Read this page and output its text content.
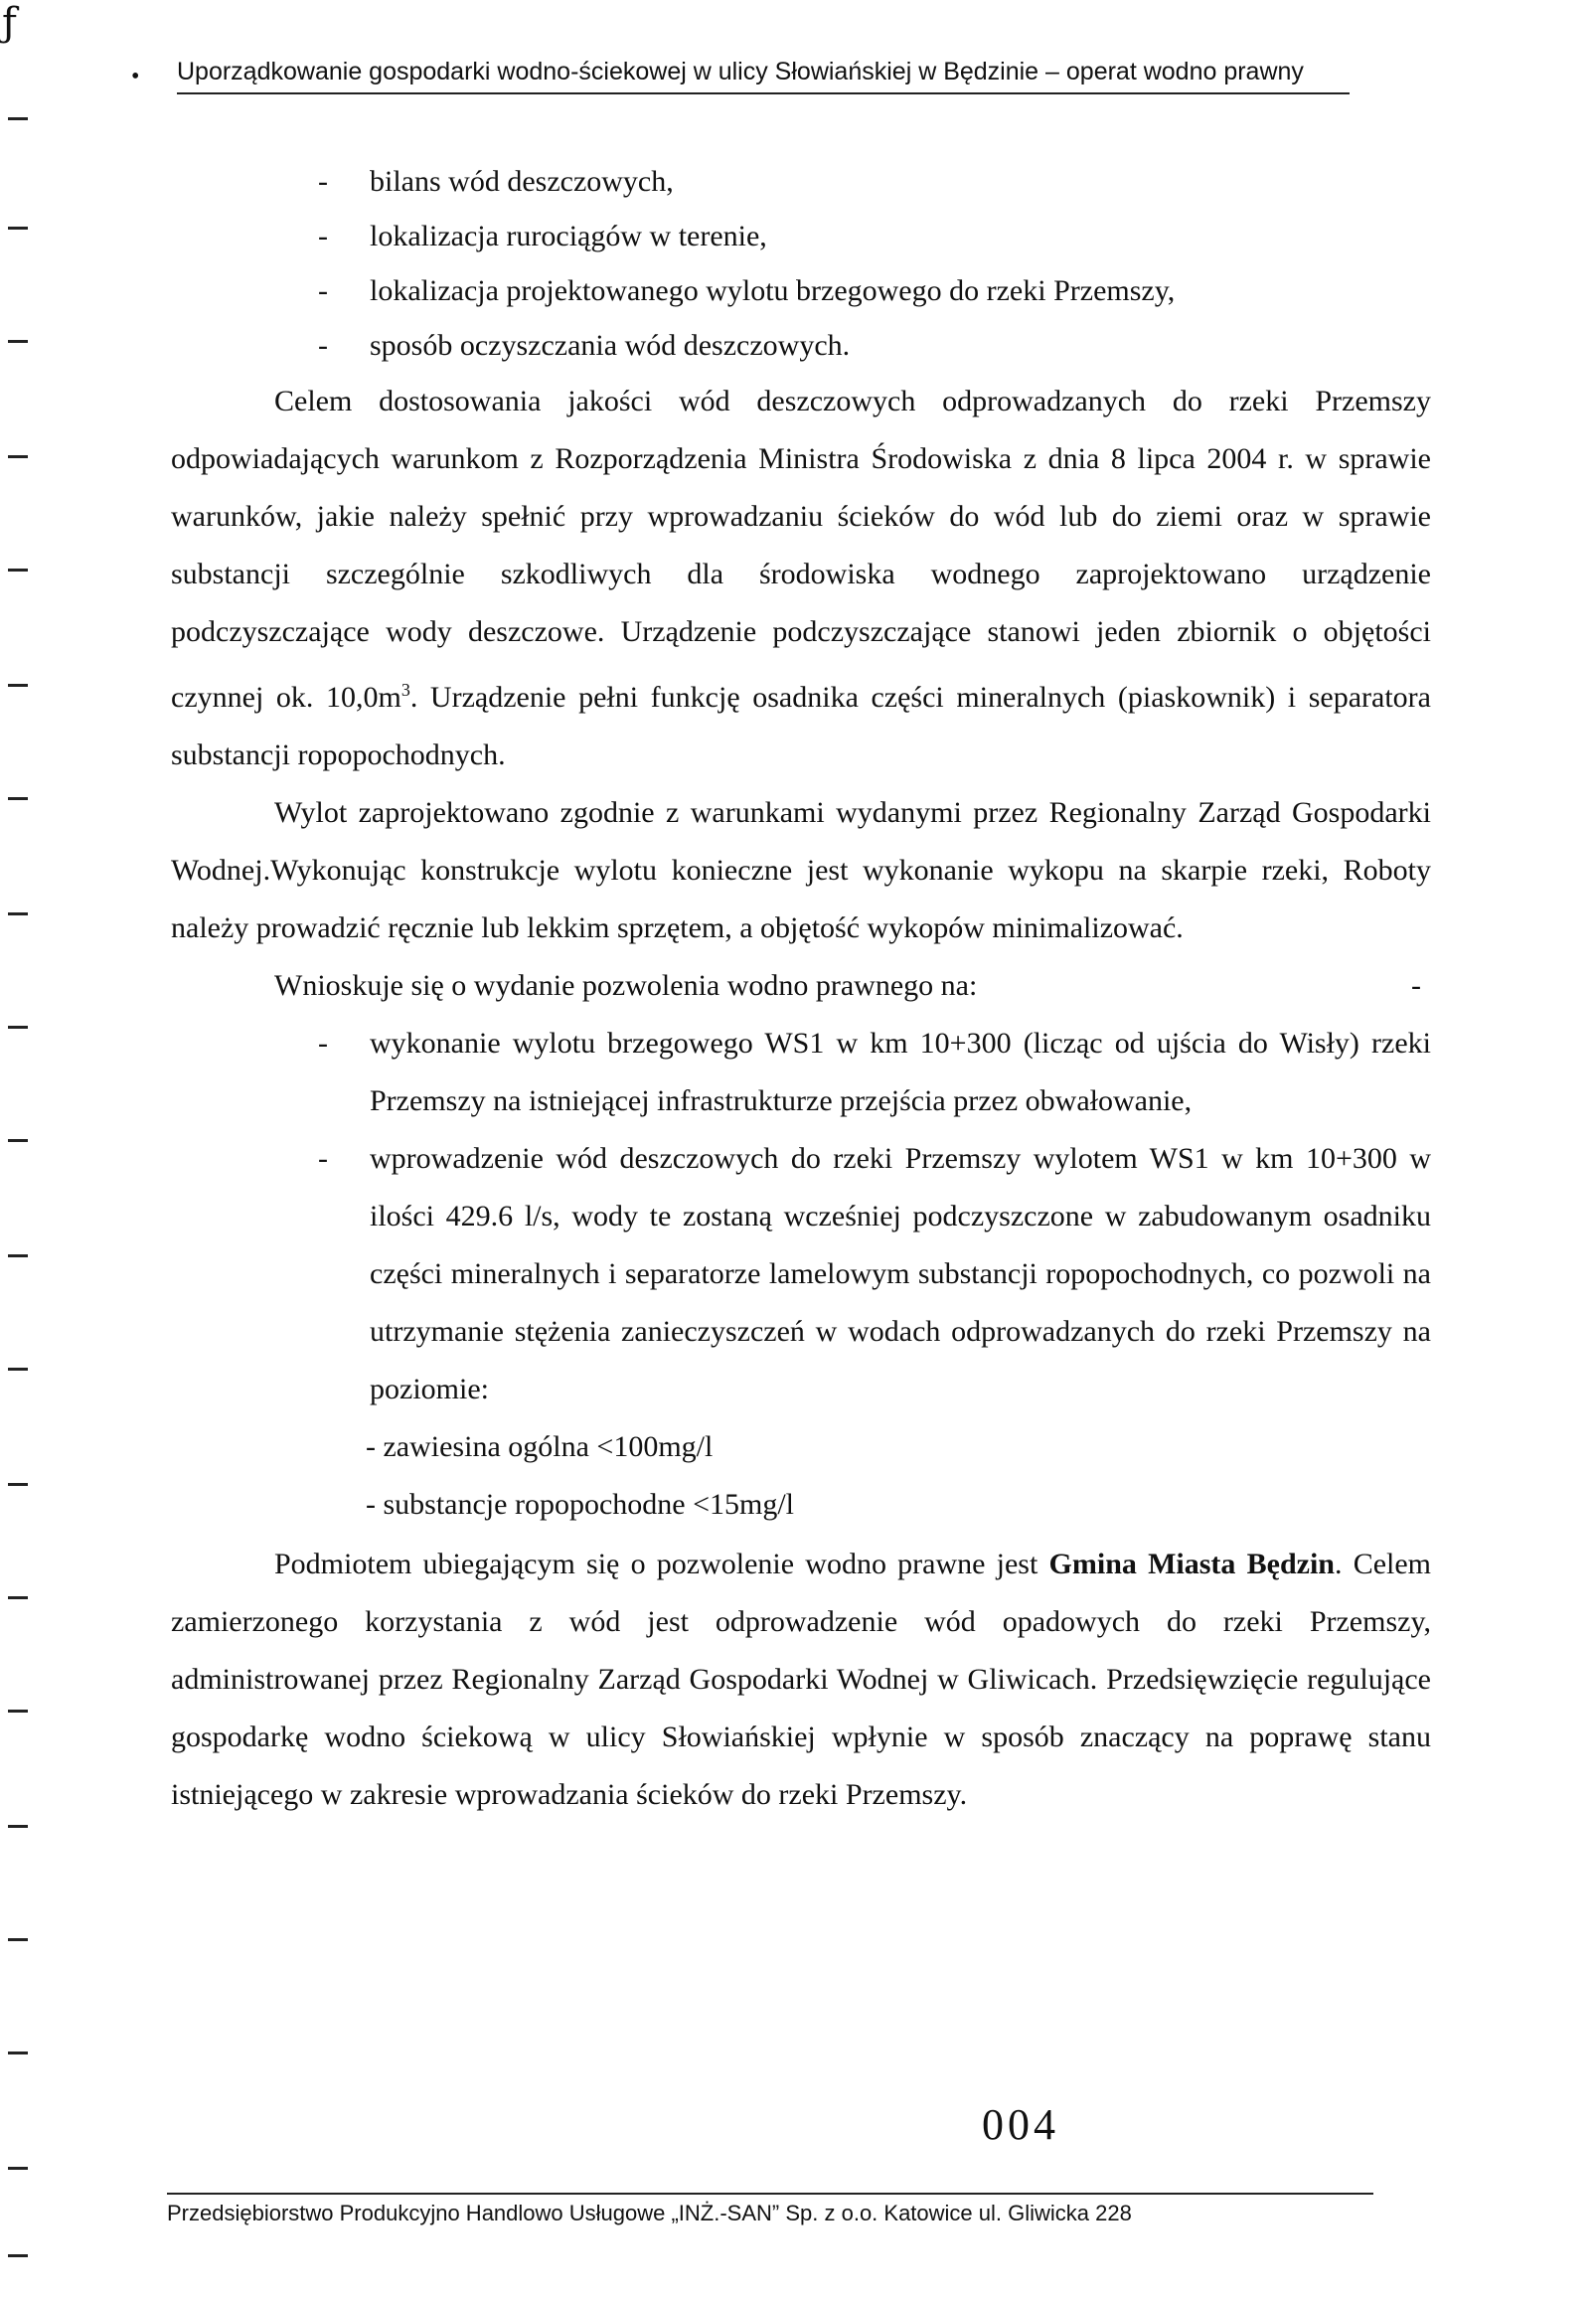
ƒ
• Uporządkowanie gospodarki wodno-ściekowej w ulicy Słowiańskiej w Będzinie – operat wodno prawny
- bilans wód deszczowych,
- lokalizacja rurociągów w terenie,
- lokalizacja projektowanego wylotu brzegowego do rzeki Przemszy,
- sposób oczyszczania wód deszczowych.

Celem dostosowania jakości wód deszczowych odprowadzanych do rzeki Przemszy odpowiadających warunkom z Rozporządzenia Ministra Środowiska z dnia 8 lipca 2004 r. w sprawie warunków, jakie należy spełnić przy wprowadzaniu ścieków do wód lub do ziemi oraz w sprawie substancji szczególnie szkodliwych dla środowiska wodnego zaprojektowano urządzenie podczyszczające wody deszczowe. Urządzenie podczyszczające stanowi jeden zbiornik o objętości czynnej ok. $10,0m^3$. Urządzenie pełni funkcję osadnika części mineralnych (piaskownik) i separatora substancji ropopochodnych.

Wylot zaprojektowano zgodnie z warunkami wydanymi przez Regionalny Zarząd Gospodarki Wodnej.Wykonując konstrukcje wylotu konieczne jest wykonanie wykopu na skarpie rzeki, Roboty należy prowadzić ręcznie lub lekkim sprzętem, a objętość wykopów minimalizować.

Wnioskuje się o wydanie pozwolenia wodno prawnego na:	-
- wykonanie wylotu brzegowego WS1 w km 10+300 (licząc od ujścia do Wisły) rzeki Przemszy na istniejącej infrastrukturze przejścia przez obwałowanie,
- wprowadzenie wód deszczowych do rzeki Przemszy wylotem WS1 w km 10+300 w ilości 429.6 l/s, wody te zostaną wcześniej podczyszczone w zabudowanym osadniku części mineralnych i separatorze lamelowym substancji ropopochodnych, co pozwoli na utrzymanie stężenia zanieczyszczeń w wodach odprowadzanych do rzeki Przemszy na poziomie:
- zawiesina ogólna <100mg/l
- substancje ropopochodne <15mg/l

Podmiotem ubiegającym się o pozwolenie wodno prawne jest Gmina Miasta Będzin. Celem zamierzonego korzystania z wód jest odprowadzenie wód opadowych do rzeki Przemszy, administrowanej przez Regionalny Zarząd Gospodarki Wodnej w Gliwicach. Przedsięwzięcie regulujące gospodarkę wodno ściekową w ulicy Słowiańskiej wpłynie w sposób znaczący na poprawę stanu istniejącego w zakresie wprowadzania ścieków do rzeki Przemszy.

004
Przedsiębiorstwo Produkcyjno Handlowo Usługowe „INŻ.-SAN” Sp. z o.o. Katowice ul. Gliwicka 228
